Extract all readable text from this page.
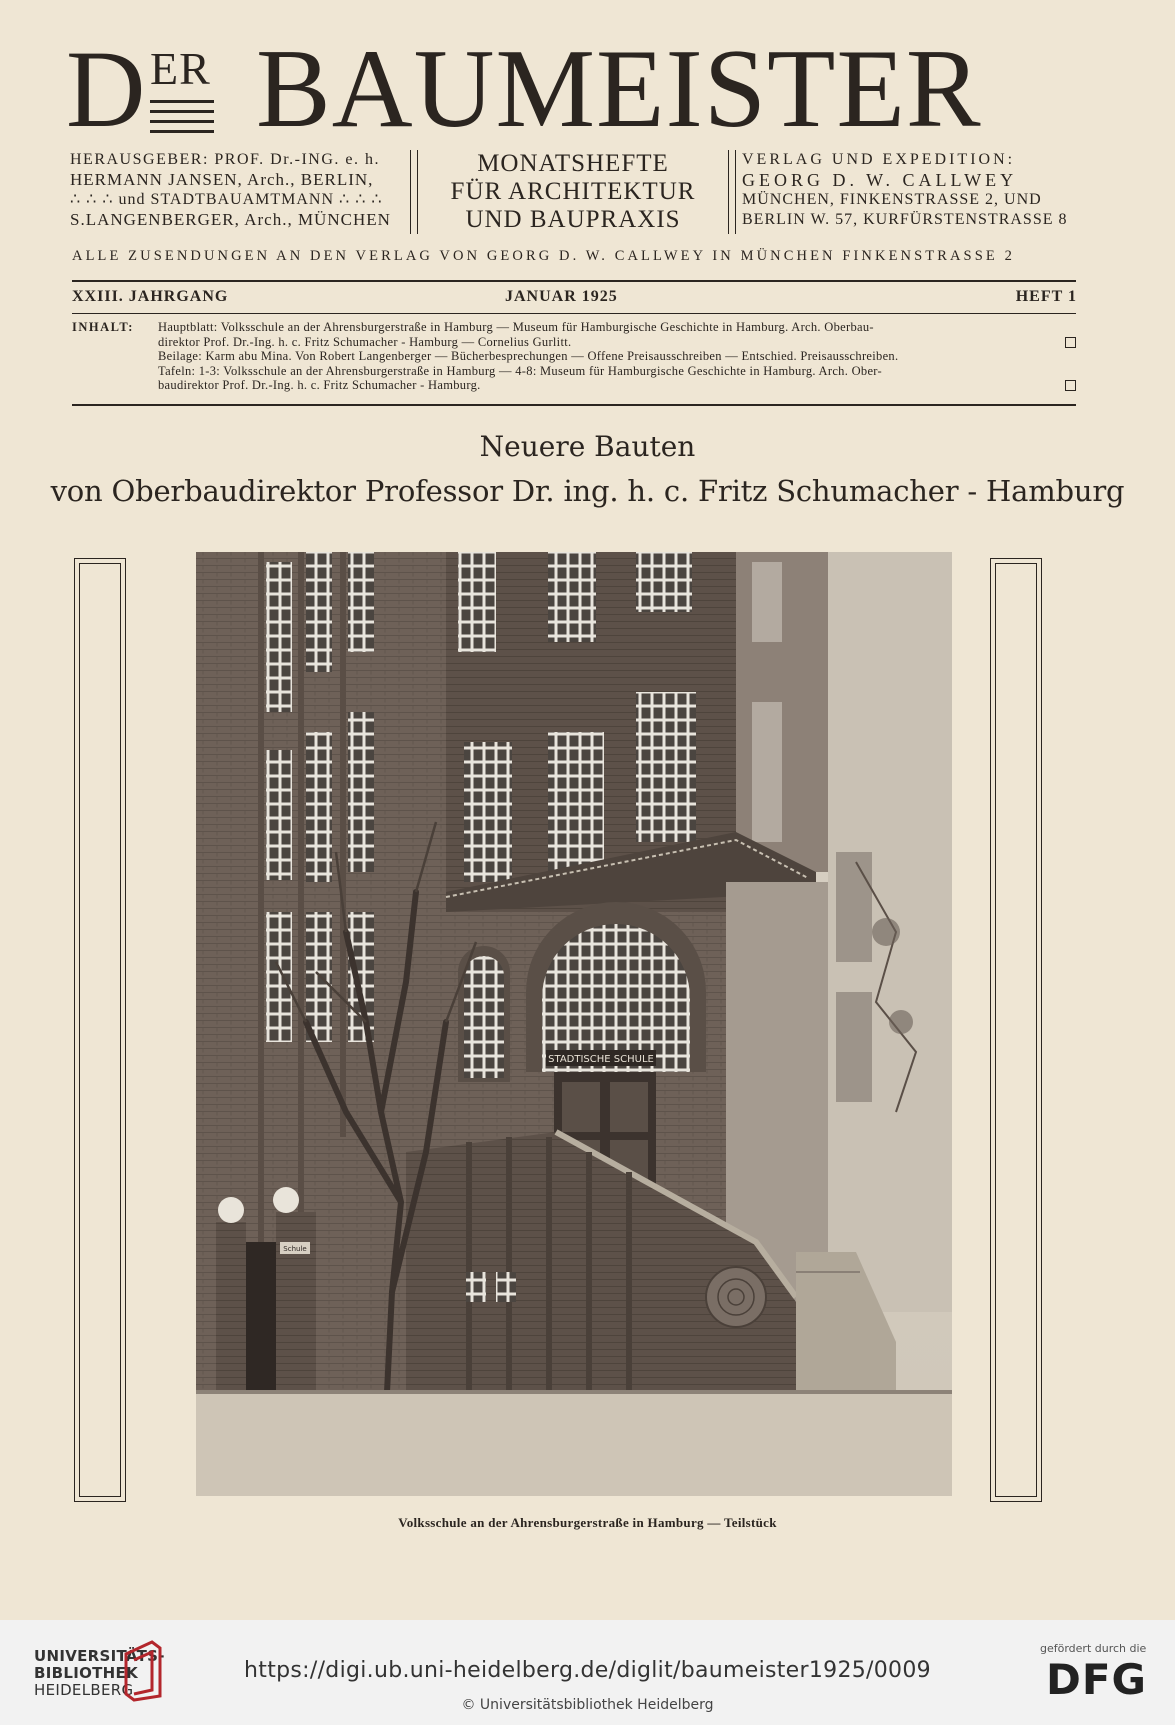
D ER BAUMEISTER
HERAUSGEBER: PROF. Dr.-ING. e. h.
HERMANN JANSEN, Arch., BERLIN,
∴ ∴ ∴ und STADTBAUAMTMANN ∴ ∴ ∴
S.LANGENBERGER, Arch., MÜNCHEN
MONATSHEFTE
FÜR ARCHITEKTUR
UND BAUPRAXIS
VERLAG UND EXPEDITION:
GEORG D. W. CALLWEY
MÜNCHEN, FINKENSTRASSE 2, UND
BERLIN W. 57, KURFÜRSTENSTRASSE 8
ALLE ZUSENDUNGEN AN DEN VERLAG VON GEORG D. W. CALLWEY IN MÜNCHEN FINKENSTRASSE 2
XXIII. JAHRGANG	JANUAR 1925	HEFT 1
INHALT: Hauptblatt: Volksschule an der Ahrensburgerstraße in Hamburg — Museum für Hamburgische Geschichte in Hamburg. Arch. Oberbau-
direktor Prof. Dr.-Ing. h. c. Fritz Schumacher - Hamburg — Cornelius Gurlitt.
Beilage: Karm abu Mina. Von Robert Langenberger — Bücherbesprechungen — Offene Preisausschreiben — Entschied. Preisausschreiben.
Tafeln: 1-3: Volksschule an der Ahrensburgerstraße in Hamburg — 4-8: Museum für Hamburgische Geschichte in Hamburg. Arch. Ober-
baudirektor Prof. Dr.-Ing. h. c. Fritz Schumacher - Hamburg.
Neuere Bauten
von Oberbaudirektor Professor Dr. ing. h. c. Fritz Schumacher - Hamburg
STADTISCHE SCHULE
Schule
Volksschule an der Ahrensburgerstraße in Hamburg — Teilstück
UNIVERSITÄTS-
BIBLIOTHEK
HEIDELBERG
https://digi.ub.uni-heidelberg.de/diglit/baumeister1925/0009
© Universitätsbibliothek Heidelberg
gefördert durch die
DFG
